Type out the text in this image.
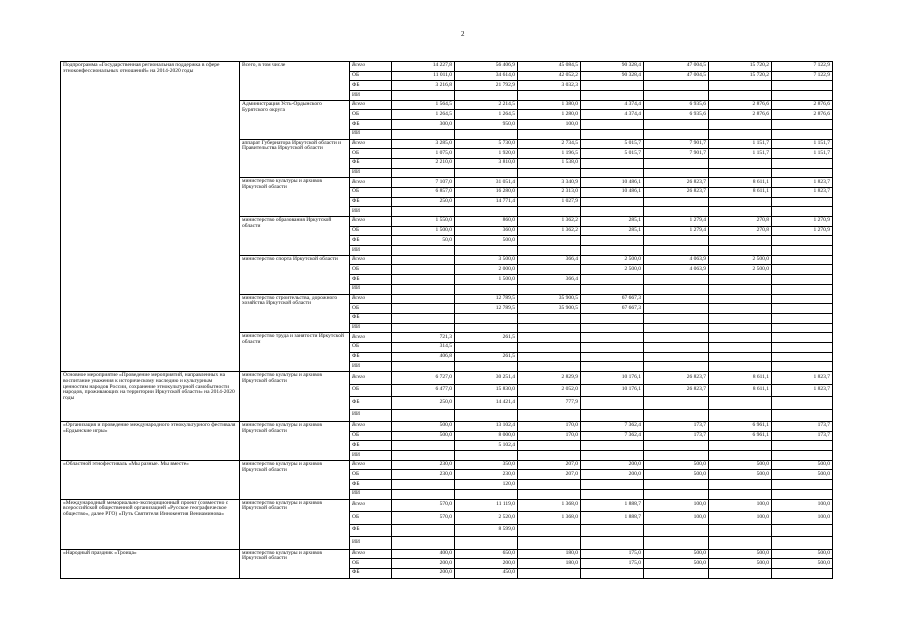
2
Подпрограмма «Государственная региональная поддержка в сфере этноконфессиональных отношений» на 2014-2020 годы	Всего, в том числе	Всего	14 227,8	56 406,9	45 084,5	90 328,4	47 004,5	15 720,2	7 122,9
		ОБ	11 011,0	34 614,0	42 052,2	90 328,4	47 004,5	15 720,2	7 122,9
		ФБ	3 216,8	21 792,9	3 032,3				
		ИИ							
	Администрация Усть-Ордынского Бурятского округа	Всего	1 564,5	2 214,5	1 380,0	4 374,4	6 935,6	2 876,6	2 876,6
		ОБ	1 264,5	1 264,5	1 280,0	4 374,4	6 935,6	2 876,6	2 876,6
		ФБ	300,0	950,0	100,0				
		ИИ							
	аппарат Губернатора Иркутской области и Правительства Иркутской области	Всего	3 285,0	5 730,0	2 734,5	5 015,7	7 901,7	1 151,7	1 151,7
		ОБ	1 075,0	1 920,0	1 196,5	5 015,7	7 901,7	1 151,7	1 151,7
		ФБ	2 210,0	3 810,0	1 538,0				
		ИИ							
	министерство культуры и архивов Иркутской области	Всего	7 107,0	31 051,4	3 340,9	10 486,1	26 823,7	8 611,1	1 823,7
		ОБ	6 857,0	16 280,0	2 313,0	10 486,1	26 823,7	8 611,1	1 823,7
		ФБ	250,0	14 771,4	1 027,9				
		ИИ							
	министерство образования Иркутской области	Всего	1 550,0	860,0	1 362,2	285,1	1 279,4	270,8	1 270,9
		ОБ	1 500,0	360,0	1 362,2	285,1	1 279,4	270,8	1 270,9
		ФБ	50,0	500,0					
		ИИ							
	министерство спорта Иркутской области	Всего		3 500,0	366,4	2 500,0	4 063,9	2 500,0	
		ОБ		2 000,0		2 500,0	4 063,9	2 500,0	
		ФБ		1 500,0	366,4				
		ИИ							
	министерство строительства, дорожного хозяйства Иркутской области	Всего		12 789,5	35 900,5	67 667,3			
		ОБ		12 789,5	35 900,5	67 667,3			
		ФБ							
		ИИ							
	министерство труда и занятости Иркутской области	Всего	721,3	261,5					
		ОБ	314,5						
		ФБ	406,8	261,5					
		ИИ							
Основное мероприятие «Проведение мероприятий, направленных на воспитание уважения к историческому наследию и культурным ценностям народов России, сохранение этнокультурной самобытности народов, проживающих на территории Иркутской области» на 2014-2020 годы	министерство культуры и архивов Иркутской области	Всего	6 727,0	30 251,4	2 829,9	10 176,1	26 823,7	8 611,1	1 823,7
		ОБ	6 477,0	15 830,0	2 052,0	10 176,1	26 823,7	8 611,1	1 823,7
		ФБ	250,0	14 421,4	777,9				
		ИИ							
«Организация и проведение международного этнокультурного фестиваля «Ердынские игры»	министерство культуры и архивов Иркутской области	Всего	500,0	13 102,4	170,0	7 362,4	173,7	6 961,1	173,7
		ОБ	500,0	8 000,0	170,0	7 362,4	173,7	6 961,1	173,7
		ФБ		5 102,4					
		ИИ							
«Областной этнофестиваль «Мы разные. Мы вместе»	министерство культуры и архивов Иркутской области	Всего	230,0	350,0	207,0	200,0	500,0	500,0	500,0
		ОБ	230,0	230,0	207,0	200,0	500,0	500,0	500,0
		ФБ		120,0					
		ИИ							
«Международный мемориально-экспедиционный проект (совместно с всероссийской общественной организацией «Русское географическое общество», далее РГО) «Путь Святителя Иннокентия Вениаминова»	министерство культуры и архивов Иркутской области	Всего	570,0	11 119,0	1 368,0	1 888,7	100,0	100,0	100,0
		ОБ	570,0	2 520,0	1 368,0	1 888,7	100,0	100,0	100,0
		ФБ		8 599,0					
		ИИ							
«Народный праздник «Троица»	министерство культуры и архивов Иркутской области	Всего	400,0	650,0	180,0	175,0	500,0	500,0	500,0
		ОБ	200,0	200,0	180,0	175,0	500,0	500,0	500,0
		ФБ	200,0	450,0					
